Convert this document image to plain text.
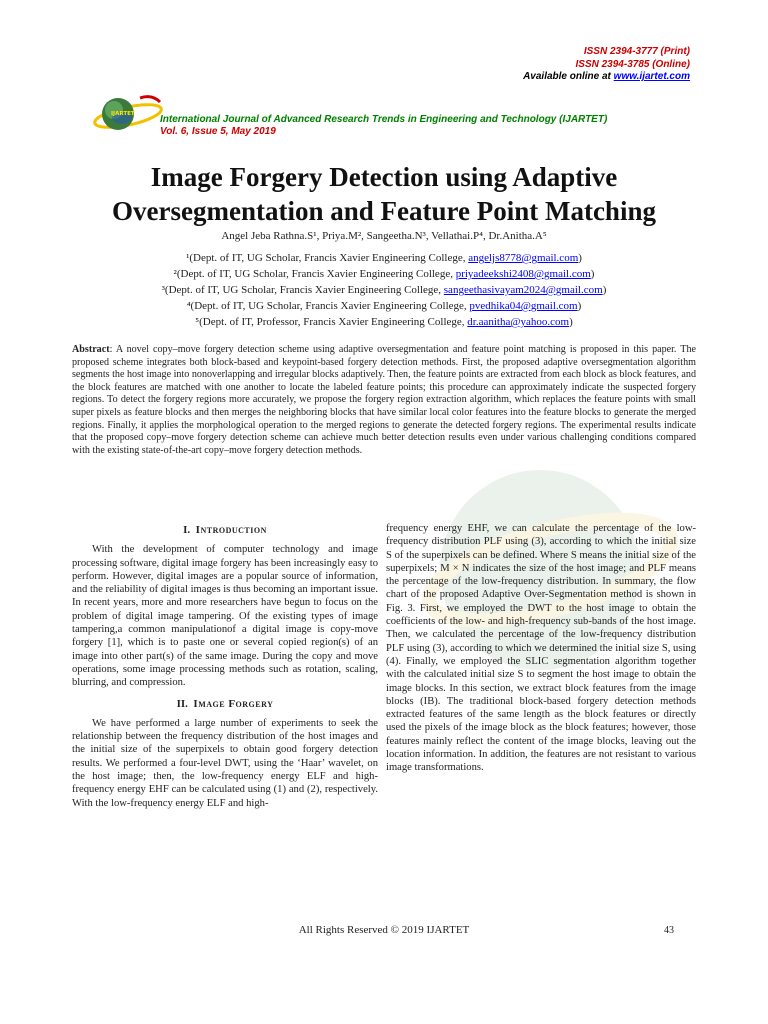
ISSN 2394-3777 (Print)
ISSN 2394-3785 (Online)
Available online at www.ijartet.com
IJARTET	International Journal of Advanced Research Trends in Engineering and Technology (IJARTET)
Vol. 6, Issue 5, May 2019
Image Forgery Detection using Adaptive Oversegmentation and Feature Point Matching
Angel Jeba Rathna.S¹, Priya.M², Sangeetha.N³, Vellathai.P⁴, Dr.Anitha.A⁵
¹(Dept. of IT, UG Scholar, Francis Xavier Engineering College, angeljs8778@gmail.com)
²(Dept. of IT, UG Scholar, Francis Xavier Engineering College, priyadeekshi2408@gmail.com)
³(Dept. of IT, UG Scholar, Francis Xavier Engineering College, sangeethasivayam2024@gmail.com)
⁴(Dept. of IT, UG Scholar, Francis Xavier Engineering College, pvedhika04@gmail.com)
⁵(Dept. of IT, Professor, Francis Xavier Engineering College, dr.aanitha@yahoo.com)
Abstract: A novel copy–move forgery detection scheme using adaptive oversegmentation and feature point matching is proposed in this paper. The proposed scheme integrates both block-based and keypoint-based forgery detection methods. First, the proposed adaptive oversegmentation algorithm segments the host image into nonoverlapping and irregular blocks adaptively. Then, the feature points are extracted from each block as block features, and the block features are matched with one another to locate the labeled feature points; this procedure can approximately indicate the suspected forgery regions. To detect the forgery regions more accurately, we propose the forgery region extraction algorithm, which replaces the feature points with small super pixels as feature blocks and then merges the neighboring blocks that have similar local color features into the feature blocks to generate the merged regions. Finally, it applies the morphological operation to the merged regions to generate the detected forgery regions. The experimental results indicate that the proposed copy–move forgery detection scheme can achieve much better detection results even under various challenging conditions compared with the existing state-of-the-art copy–move forgery detection methods.
I. Introduction

With the development of computer technology and image processing software, digital image forgery has been increasingly easy to perform. However, digital images are a popular source of information, and the reliability of digital images is thus becoming an important issue. In recent years, more and more researchers have begun to focus on the problem of digital image tampering. Of the existing types of image tampering,a common manipulationof a digital image is copy-move forgery [1], which is to paste one or several copied region(s) of an image into other part(s) of the same image. During the copy and move operations, some image processing methods such as rotation, scaling, blurring, and compression.

II. Image Forgery

We have performed a large number of experiments to seek the relationship between the frequency distribution of the host images and the initial size of the superpixels to obtain good forgery detection results. We performed a four-level DWT, using the ‘Haar’ wavelet, on the host image; then, the low-frequency energy ELF and high-frequency energy EHF can be calculated using (1) and (2), respectively. With the low-frequency energy ELF and high-

frequency energy EHF, we can calculate the percentage of the low-frequency distribution PLF using (3), according to which the initial size S of the superpixels can be defined. Where S means the initial size of the superpixels; M × N indicates the size of the host image; and PLF means the percentage of the low-frequency distribution. In summary, the flow chart of the proposed Adaptive Over-Segmentation method is shown in Fig. 3. First, we employed the DWT to the host image to obtain the coefficients of the low- and high-frequency sub-bands of the host image. Then, we calculated the percentage of the low-frequency distribution PLF using (3), according to which we determined the initial size S, using (4). Finally, we employed the SLIC segmentation algorithm together with the calculated initial size S to segment the host image to obtain the image blocks. In this section, we extract block features from the image blocks (IB). The traditional block-based forgery detection methods extracted features of the same length as the block features or directly used the pixels of the image block as the block features; however, those features mainly reflect the content of the image blocks, leaving out the location information. In addition, the features are not resistant to various image transformations.

All Rights Reserved © 2019 IJARTET	43
